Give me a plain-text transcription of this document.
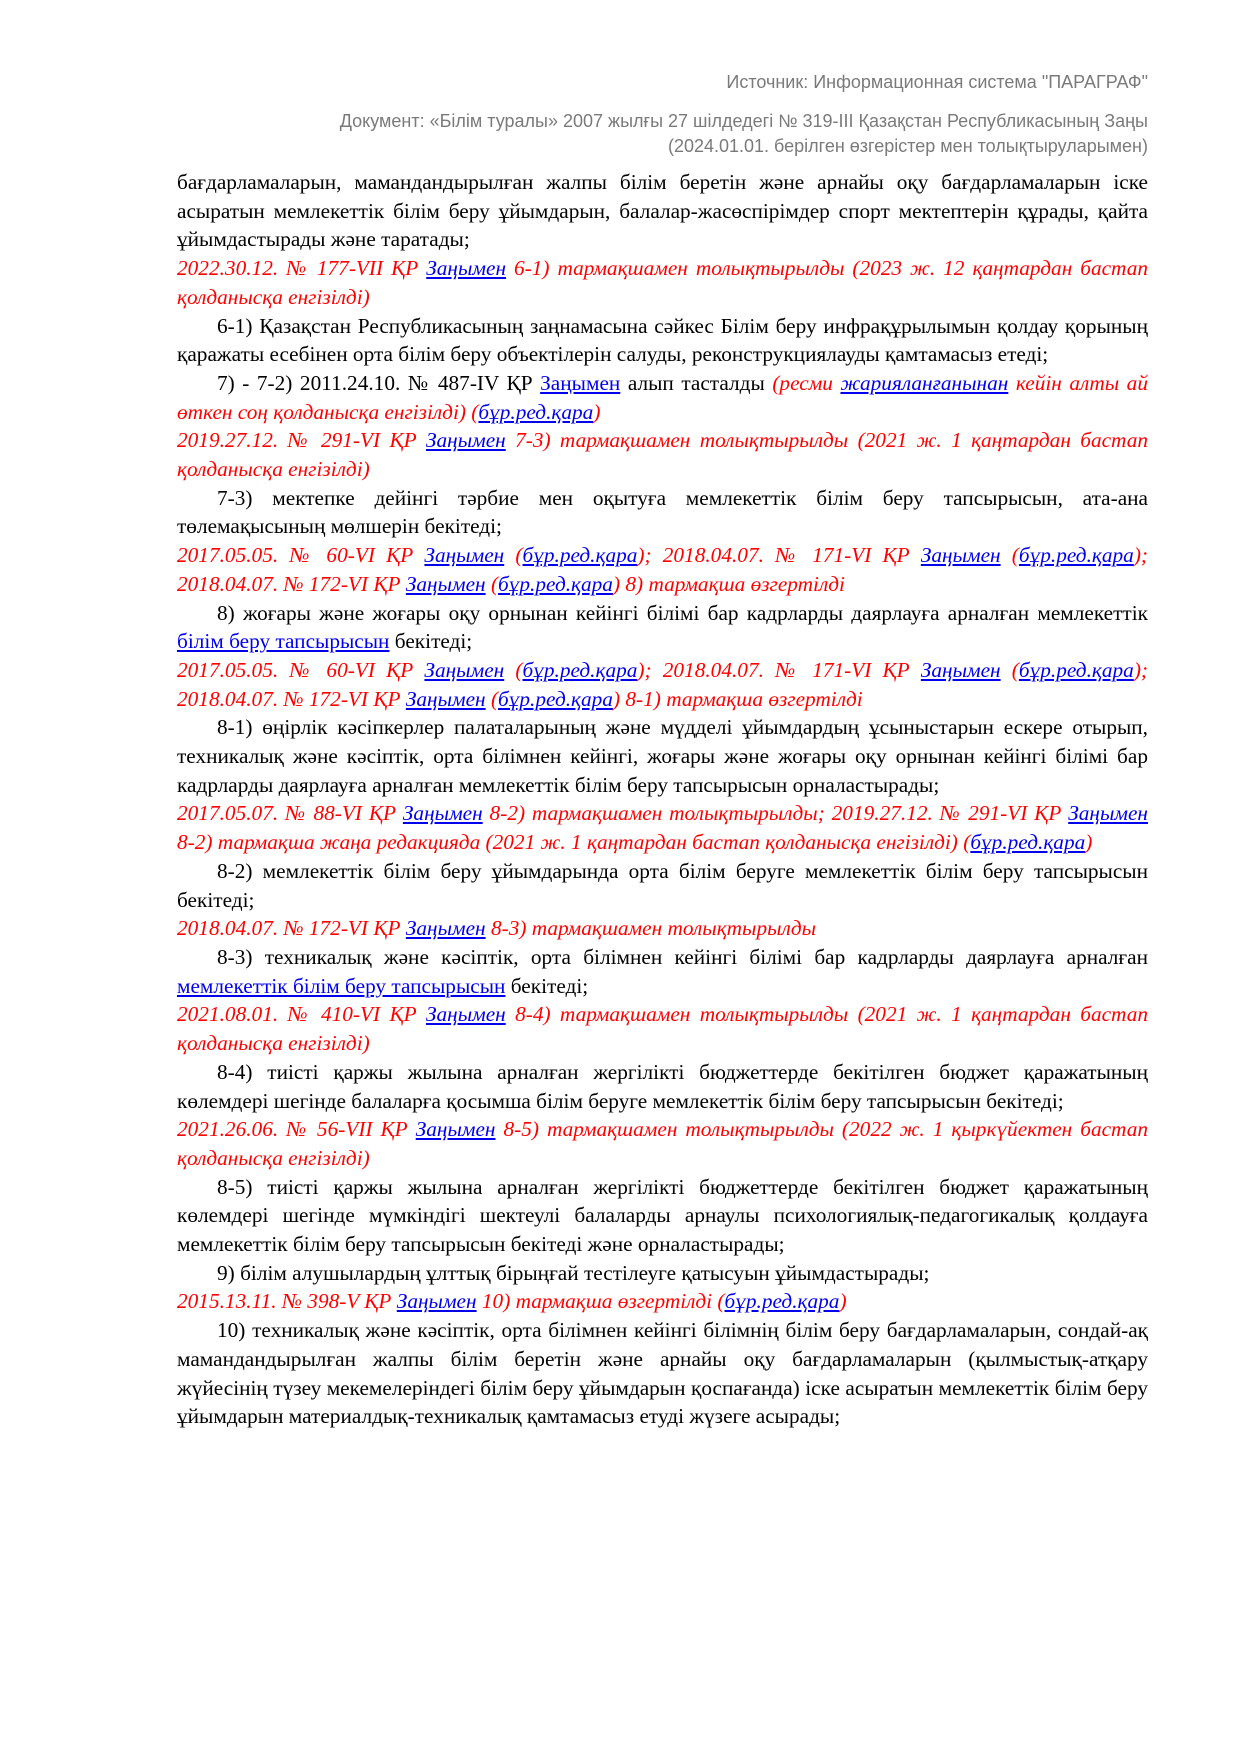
Источник: Информационная система "ПАРАГРАФ"
Документ: «Білім туралы» 2007 жылғы 27 шілдедегі № 319-III Қазақстан Республикасының Заңы
(2024.01.01. берілген өзгерістер мен толықтыруларымен)

бағдарламаларын, мамандандырылған жалпы білім беретін және арнайы оқу бағдарламаларын іске асыратын мемлекеттік білім беру ұйымдарын, балалар-жасөспірімдер спорт мектептерін құрады, қайта ұйымдастырады және таратады;

2022.30.12. № 177-VII ҚР Заңымен 6-1) тармақшамен толықтырылды (2023 ж. 12 қаңтардан бастап қолданысқа енгізілді)

6-1) Қазақстан Республикасының заңнамасына сәйкес Білім беру инфрақұрылымын қолдау қорының қаражаты есебінен орта білім беру объектілерін салуды, реконструкциялауды қамтамасыз етеді;

7) - 7-2) 2011.24.10. № 487-IV ҚР Заңымен алып тасталды (ресми жарияланғанынан кейін алты ай өткен соң қолданысқа енгізілді) (бұр.ред.қара)

2019.27.12. № 291-VI ҚР Заңымен 7-3) тармақшамен толықтырылды (2021 ж. 1 қаңтардан бастап қолданысқа енгізілді)

7-3) мектепке дейінгі тәрбие мен оқытуға мемлекеттік білім беру тапсырысын, ата-ана төлемақысының мөлшерін бекітеді;

2017.05.05. № 60-VI ҚР Заңымен (бұр.ред.қара); 2018.04.07. № 171-VI ҚР Заңымен (бұр.ред.қара); 2018.04.07. № 172-VI ҚР Заңымен (бұр.ред.қара) 8) тармақша өзгертілді

8) жоғары және жоғары оқу орнынан кейінгі білімі бар кадрларды даярлауға арналған мемлекеттік білім беру тапсырысын бекітеді;

2017.05.05. № 60-VI ҚР Заңымен (бұр.ред.қара); 2018.04.07. № 171-VI ҚР Заңымен (бұр.ред.қара); 2018.04.07. № 172-VI ҚР Заңымен (бұр.ред.қара) 8-1) тармақша өзгертілді

8-1) өңірлік кәсіпкерлер палаталарының және мүдделі ұйымдардың ұсыныстарын ескере отырып, техникалық және кәсіптік, орта білімнен кейінгі, жоғары және жоғары оқу орнынан кейінгі білімі бар кадрларды даярлауға арналған мемлекеттік білім беру тапсырысын орналастырады;

2017.05.07. № 88-VI ҚР Заңымен 8-2) тармақшамен толықтырылды; 2019.27.12. № 291-VI ҚР Заңымен 8-2) тармақша жаңа редакцияда (2021 ж. 1 қаңтардан бастап қолданысқа енгізілді) (бұр.ред.қара)

8-2) мемлекеттік білім беру ұйымдарында орта білім беруге мемлекеттік білім беру тапсырысын бекітеді;

2018.04.07. № 172-VI ҚР Заңымен 8-3) тармақшамен толықтырылды

8-3) техникалық және кәсіптік, орта білімнен кейінгі білімі бар кадрларды даярлауға арналған мемлекеттік білім беру тапсырысын бекітеді;

2021.08.01. № 410-VI ҚР Заңымен 8-4) тармақшамен толықтырылды (2021 ж. 1 қаңтардан бастап қолданысқа енгізілді)

8-4) тиісті қаржы жылына арналған жергілікті бюджеттерде бекітілген бюджет қаражатының көлемдері шегінде балаларға қосымша білім беруге мемлекеттік білім беру тапсырысын бекітеді;

2021.26.06. № 56-VII ҚР Заңымен 8-5) тармақшамен толықтырылды (2022 ж. 1 қыркүйектен бастап қолданысқа енгізілді)

8-5) тиісті қаржы жылына арналған жергілікті бюджеттерде бекітілген бюджет қаражатының көлемдері шегінде мүмкіндігі шектеулі балаларды арнаулы психологиялық-педагогикалық қолдауға мемлекеттік білім беру тапсырысын бекітеді және орналастырады;

9) білім алушылардың ұлттық бірыңғай тестілеуге қатысуын ұйымдастырады;

2015.13.11. № 398-V ҚР Заңымен 10) тармақша өзгертілді (бұр.ред.қара)

10) техникалық және кәсіптік, орта білімнен кейінгі білімнің білім беру бағдарламаларын, сондай-ақ мамандандырылған жалпы білім беретін және арнайы оқу бағдарламаларын (қылмыстық-атқару жүйесінің түзеу мекемелеріндегі білім беру ұйымдарын қоспағанда) іске асыратын мемлекеттік білім беру ұйымдарын материалдық-техникалық қамтамасыз етуді жүзеге асырады;
